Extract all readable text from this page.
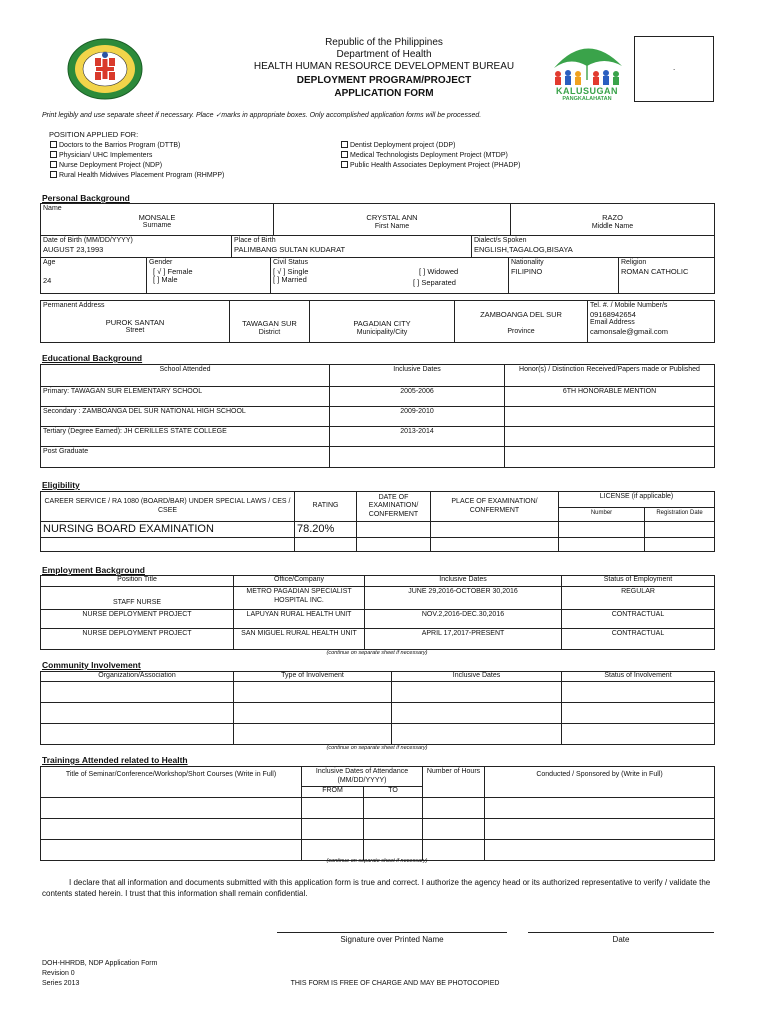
Republic of the Philippines
Department of Health
HEALTH HUMAN RESOURCE DEVELOPMENT BUREAU
DEPLOYMENT PROGRAM/PROJECT
APPLICATION FORM	KALUSUGAN
PANGKALAHATAN
.
Print legibly and use separate sheet if necessary. Place ✓marks in appropriate boxes. Only accomplished application forms will be processed.
POSITION APPLIED FOR:
Doctors to the Barrios Program (DTTB)
Physician/ UHC Implementers
Nurse Deployment Project (NDP)
Rural Health Midwives Placement Program (RHMPP)
Dentist Deployment project (DDP)
Medical Technologists Deployment Project (MTDP)
Public Health Associates Deployment Project (PHADP)
Personal Background
Name
MONSALE
Surname

CRYSTAL ANN
First Name

RAZO
Middle Name
Date of Birth (MM/DD/YYYY)
AUGUST 23,1993

Place of Birth
PALIMBANG SULTAN KUDARAT

Dialect/s Spoken
ENGLISH,TAGALOG,BISAYA
Age
24

Gender
[ √ ] Female
[ ] Male

Civil Status
[ √ ] Single
[ ] Married
[ ] Widowed
[ ] Separated

Nationality
FILIPINO

Religion
ROMAN CATHOLIC
Permanent Address
PUROK SANTAN
Street

TAWAGAN SUR
District

PAGADIAN CITY
Municipality/City

ZAMBOANGA DEL SUR
Province

Tel. #. / Mobile Number/s
09168942654
Email Address
camonsale@gmail.com
Educational Background
School Attended	Inclusive Dates	Honor(s) / Distinction Received/Papers made or Published
Primary: TAWAGAN SUR ELEMENTARY SCHOOL	2005-2006	6TH HONORABLE MENTION
Secondary : ZAMBOANGA DEL SUR NATIONAL HIGH SCHOOL	2009-2010	
Tertiary (Degree Earned): JH CERILLES STATE COLLEGE	2013-2014	
Post Graduate		
Eligibility
CAREER SERVICE / RA 1080 (BOARD/BAR) UNDER SPECIAL LAWS / CES / CSEE	RATING	DATE OF EXAMINATION/ CONFERMENT	PLACE OF EXAMINATION/ CONFERMENT	LICENSE (if applicable)	
				Number	Registration Date
NURSING BOARD EXAMINATION	78.20%				

Employment Background
Position Title	Office/Company	Inclusive Dates	Status of Employment
STAFF NURSE	METRO PAGADIAN SPECIALIST HOSPITAL INC.	JUNE 29,2016-OCTOBER 30,2016	REGULAR
NURSE DEPLOYMENT PROJECT	LAPUYAN RURAL HEALTH UNIT	NOV.2,2016-DEC.30,2016	CONTRACTUAL
NURSE DEPLOYMENT PROJECT	SAN MIGUEL RURAL HEALTH UNIT	APRIL 17,2017-PRESENT	CONTRACTUAL
(continue on separate sheet if necessary)
Community Involvement
Organization/Association	Type of Involvement	Inclusive Dates	Status of Involvement

(continue on separate sheet if necessary)
Trainings Attended related to Health
Title of Seminar/Conference/Workshop/Short Courses (Write in Full)	Inclusive Dates of Attendance (MM/DD/YYYY)		Number of Hours	Conducted / Sponsored by (Write in Full)
	FROM	TO		

(continue on separate sheet if necessary)
I declare that all information and documents submitted with this application form is true and correct. I authorize the agency head or its authorized representative to verify / validate the contents stated herein. I trust that this information shall remain confidential.
Signature over Printed Name	Date
DOH-HHRDB, NDP Application Form
Revision 0
Series 2013	THIS FORM IS FREE OF CHARGE AND MAY BE PHOTOCOPIED
